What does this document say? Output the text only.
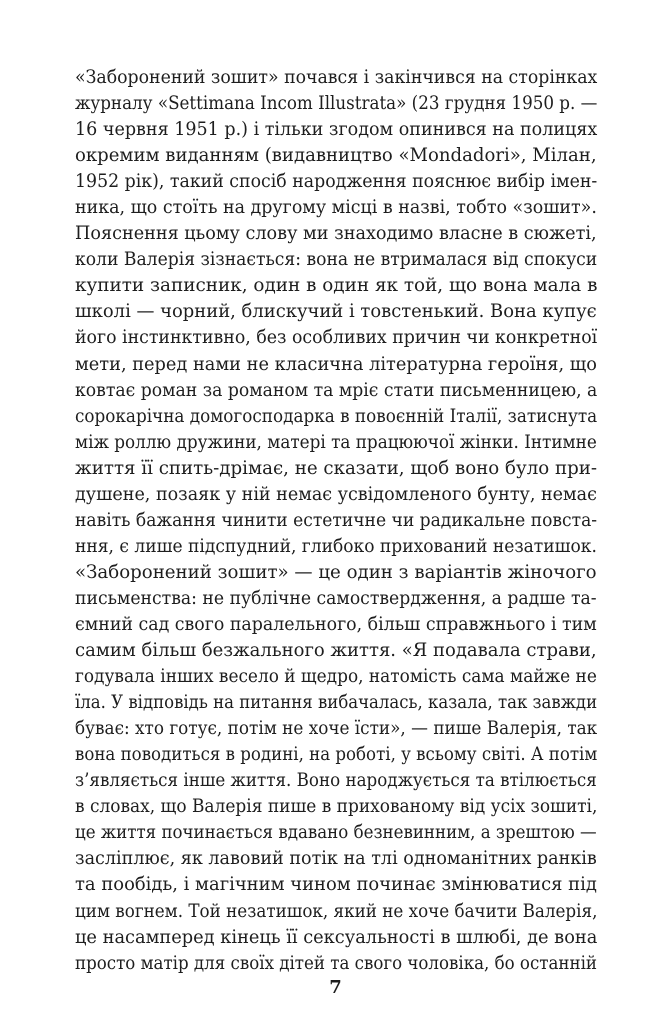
«Заборонений зошит» почався і закінчився на сторінках
журналу «Settimana Incom Illustrata» (23 грудня 1950 р. —
16 червня 1951 р.) і тільки згодом опинився на полицях
окремим виданням (видавництво «Mondadori», Мілан,
1952 рік), такий спосіб народження пояснює вибір імен-
ника, що стоїть на другому місці в назві, тобто «зошит».
Пояснення цьому слову ми знаходимо власне в сюжеті,
коли Валерія зізнається: вона не втрималася від спокуси
купити записник, один в один як той, що вона мала в
школі — чорний, блискучий і товстенький. Вона купує
його інстинктивно, без особливих причин чи конкретної
мети, перед нами не класична літературна героїня, що
ковтає роман за романом та мріє стати письменницею, а
сорокарічна домогосподарка в повоєнній Італії, затиснута
між роллю дружини, матері та працюючої жінки. Інтимне
життя її спить-дрімає, не сказати, щоб воно було при-
душене, позаяк у ній немає усвідомленого бунту, немає
навіть бажання чинити естетичне чи радикальне повста-
ння, є лише підспудний, глибоко прихований незатишок.
«Заборонений зошит» — це один з варіантів жіночого
письменства: не публічне самоствердження, а радше та-
ємний сад свого паралельного, більш справжнього і тим
самим більш безжального життя. «Я подавала страви,
годувала інших весело й щедро, натомість сама майже не
їла. У відповідь на питання вибачалась, казала, так завжди
буває: хто готує, потім не хоче їсти», — пише Валерія, так
вона поводиться в родині, на роботі, у всьому світі. А потім
з’являється інше життя. Воно народжується та втілюється
в словах, що Валерія пише в прихованому від усіх зошиті,
це життя починається вдавано безневинним, а зрештою —
засліплює, як лавовий потік на тлі одноманітних ранків
та пообідь, і магічним чином починає змінюватися під
цим вогнем. Той незатишок, який не хоче бачити Валерія,
це насамперед кінець її сексуальності в шлюбі, де вона
просто матір для своїх дітей та свого чоловіка, бо останній
7
